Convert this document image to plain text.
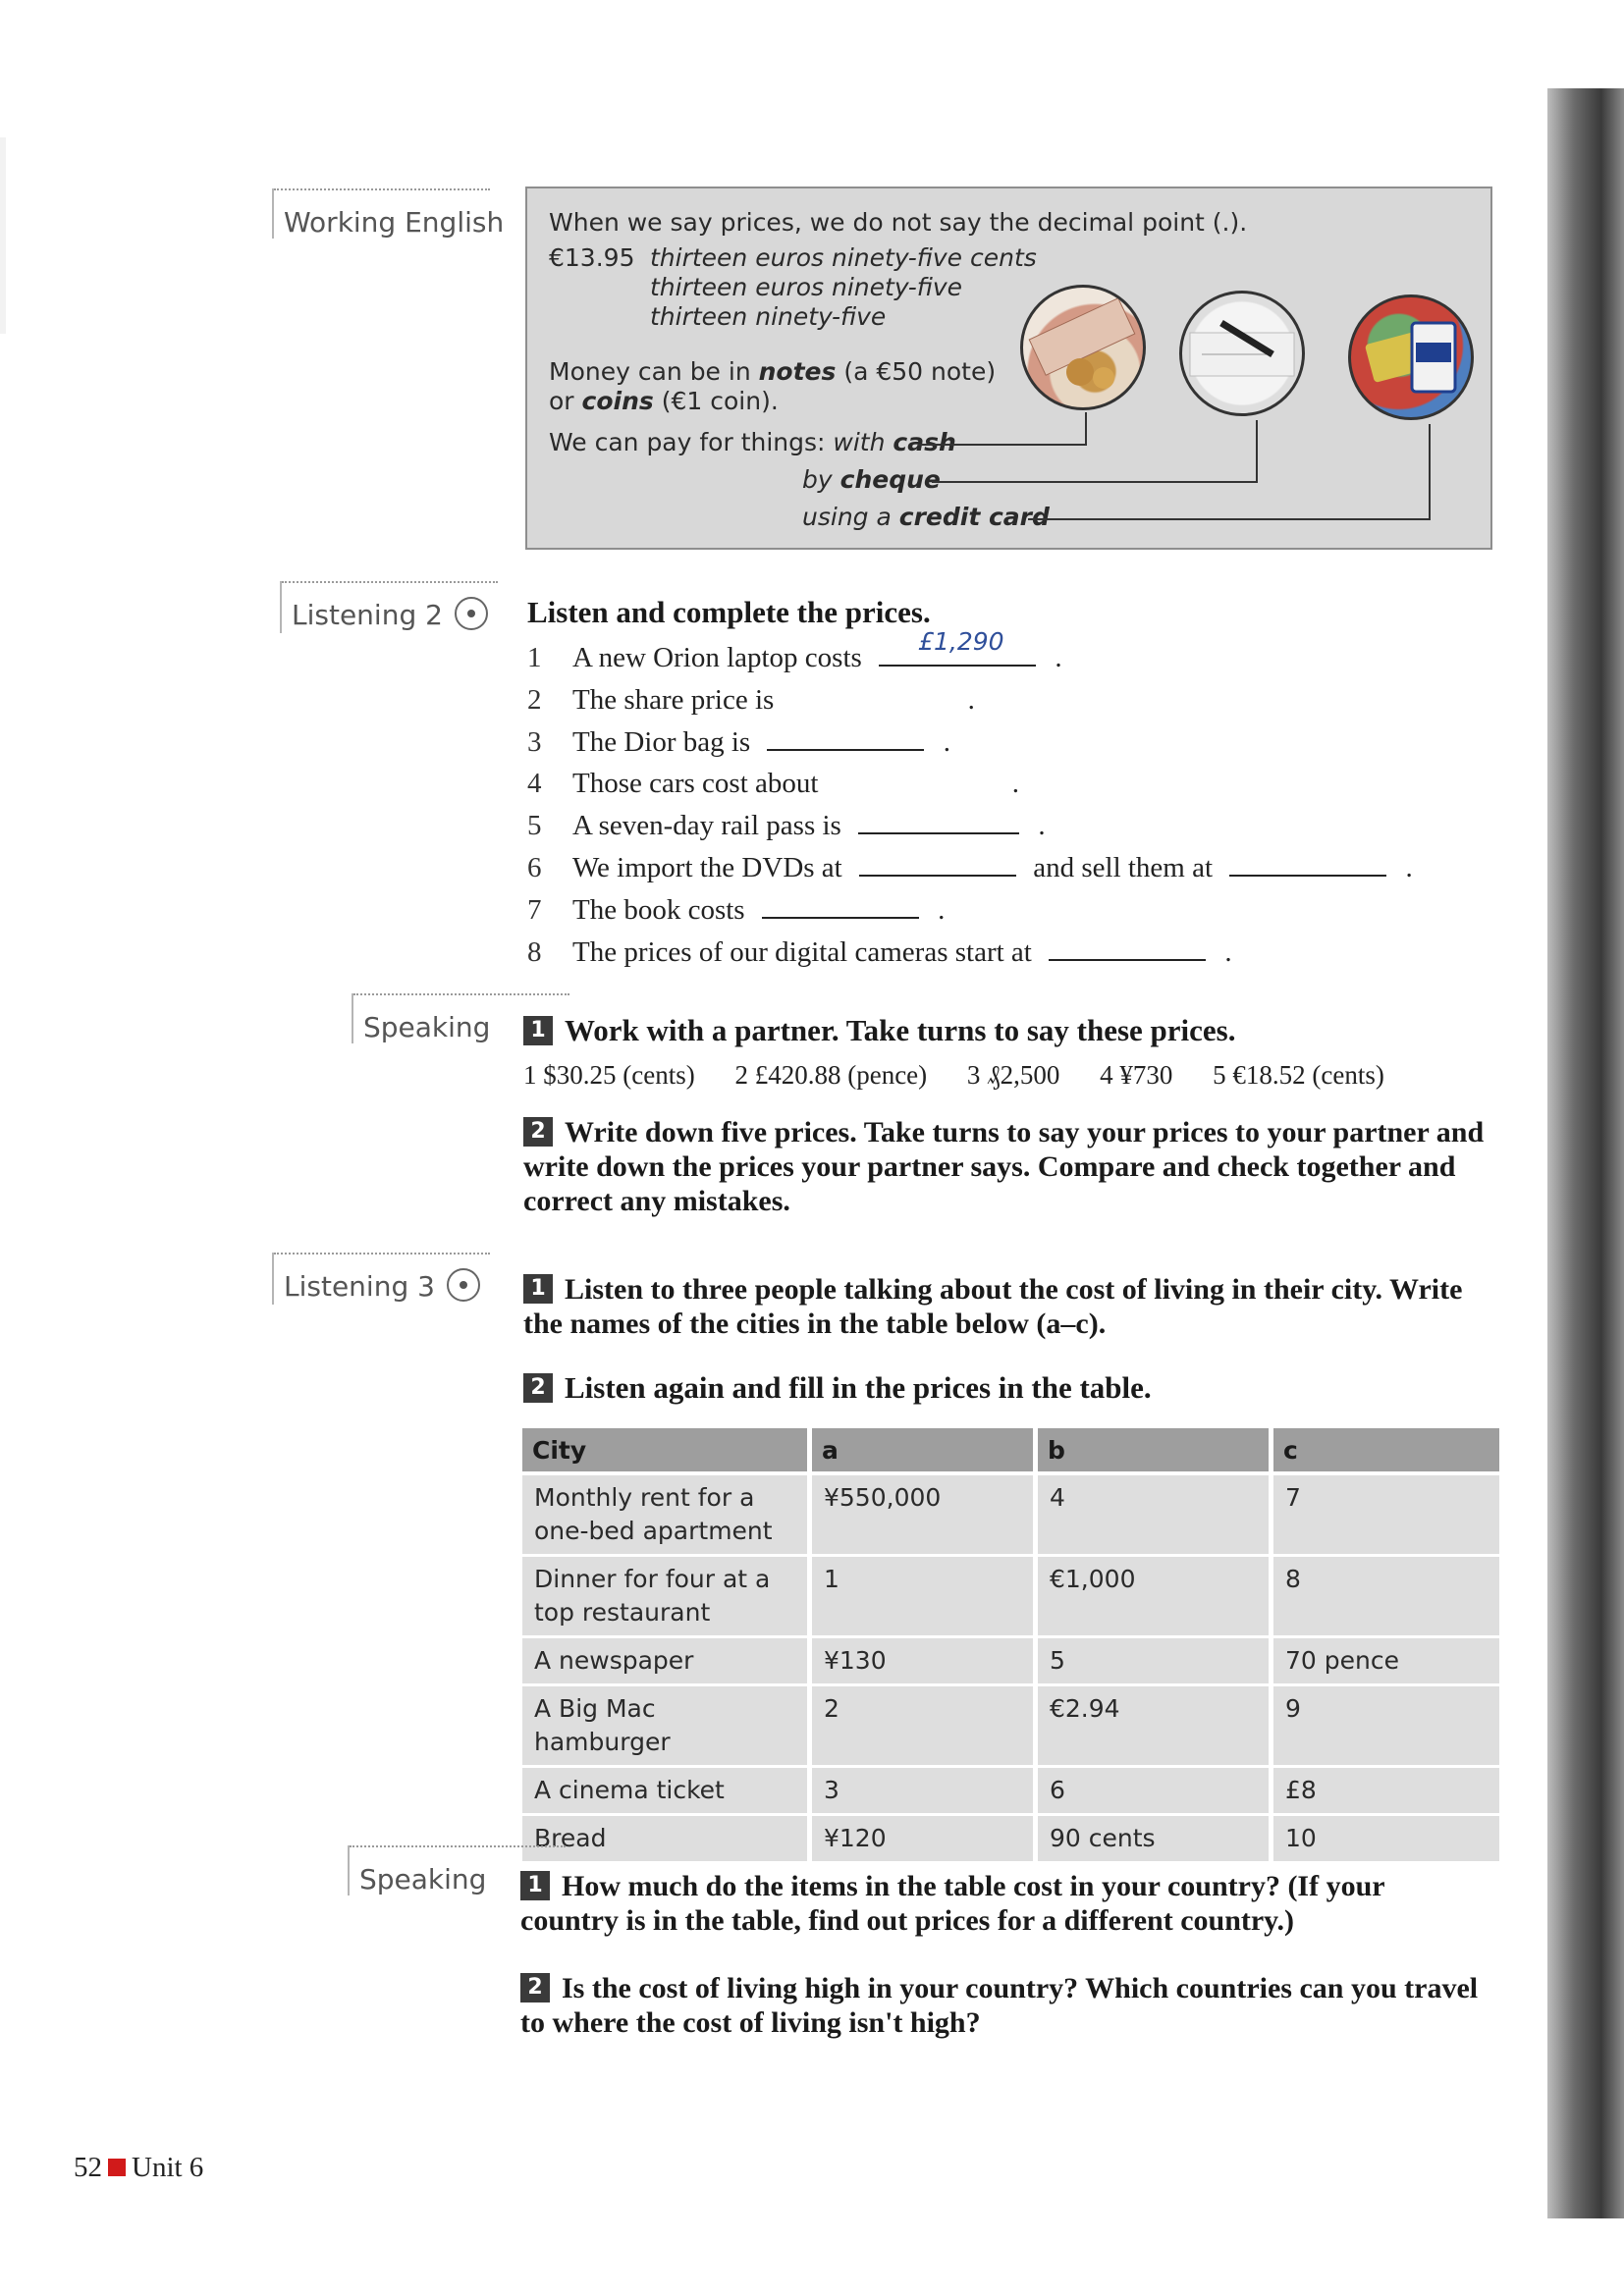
Working English When we say prices, we do not say the decimal point (.).
€13.95 thirteen euros ninety-five cents
thirteen euros ninety-five
thirteen ninety-five
Money can be in notes (a €50 note)
or coins (€1 coin).
We can pay for things: with cash
by cheque
using a credit card
Listening 2	Listen and complete the prices.
1 A new Orion laptop costs
£1,290
.
2 The share price is	.
3 The Dior bag is	.
4 Those cars cost about	.
5 A seven-day rail pass is	.
6 We import the DVDs at	and sell them at	.
7 The book costs	.
8 The prices of our digital cameras start at	.
Speaking	1 Work with a partner. Take turns to say these prices.
1 $30.25 (cents) 2 £420.88 (pence) 3 ₰2,500 4 ¥730 5 €18.52 (cents)
2 Write down five prices. Take turns to say your prices to your partner and write down the prices your partner says. Compare and check together and correct any mistakes.
Listening 3	1 Listen to three people talking about the cost of living in their city. Write the names of the cities in the table below (a–c).
2 Listen again and fill in the prices in the table.
City	a	b	c
Monthly rent for a one-bed apartment	¥550,000	4	7
Dinner for four at a top restaurant	1	€1,000	8
A newspaper	¥130	5	70 pence
A Big Mac hamburger	2	€2.94	9
A cinema ticket	3	6	£8
Bread	¥120	90 cents	10
Speaking	1 How much do the items in the table cost in your country? (If your country is in the table, find out prices for a different country.)
2 Is the cost of living high in your country? Which countries can you travel to where the cost of living isn't high?
52 Unit 6
